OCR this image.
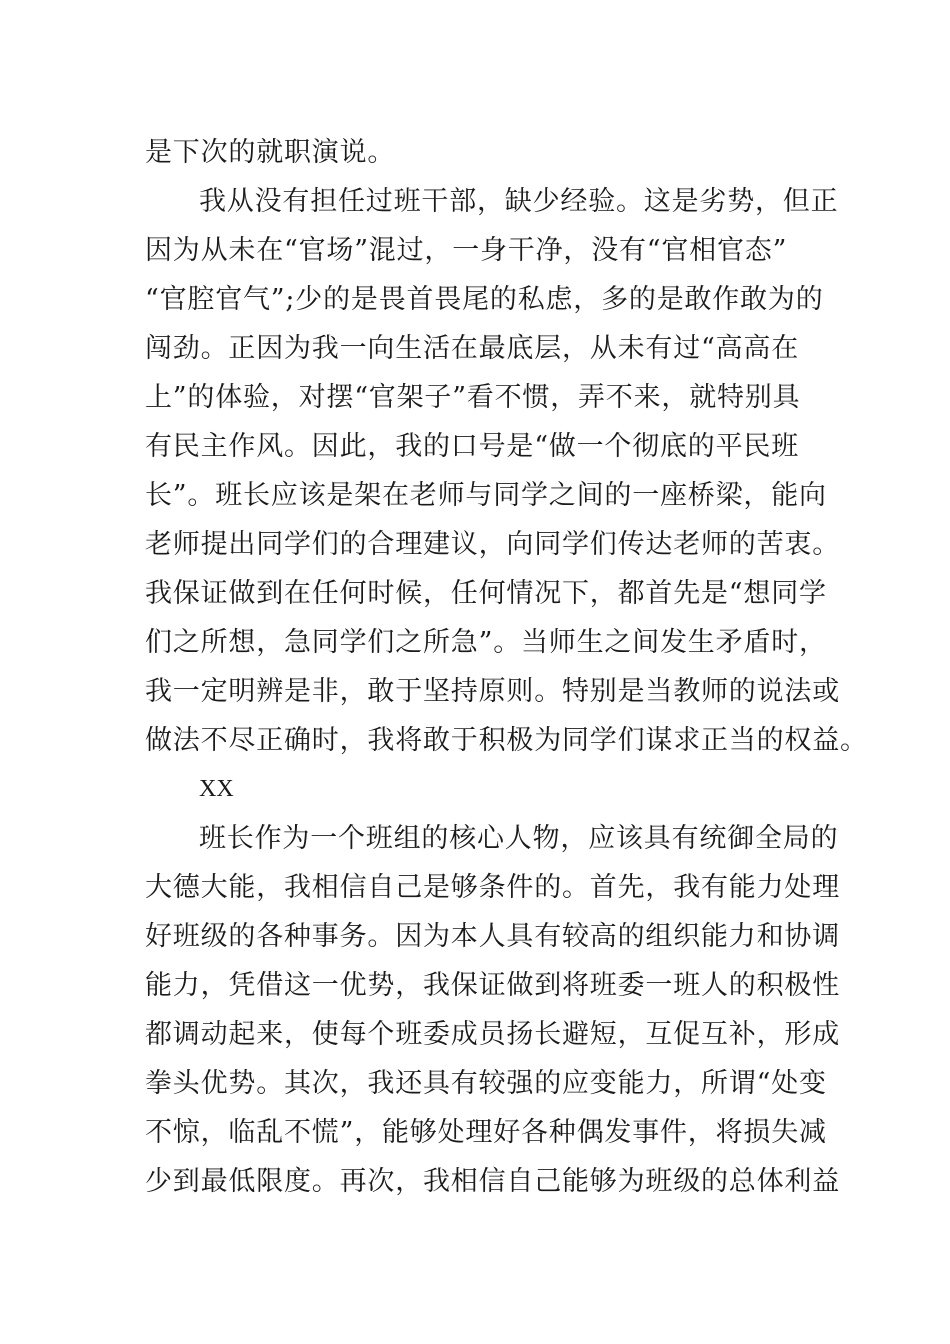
是下次的就职演说。
我从没有担任过班干部，缺少经验。这是劣势，但正
因为从未在“官场”混过，一身干净，没有“官相官态”
“官腔官气”;少的是畏首畏尾的私虑，多的是敢作敢为的
闯劲。正因为我一向生活在最底层，从未有过“高高在
上”的体验，对摆“官架子”看不惯，弄不来，就特别具
有民主作风。因此，我的口号是“做一个彻底的平民班
长”。班长应该是架在老师与同学之间的一座桥梁，能向
老师提出同学们的合理建议，向同学们传达老师的苦衷。
我保证做到在任何时候，任何情况下，都首先是“想同学
们之所想，急同学们之所急”。当师生之间发生矛盾时，
我一定明辨是非，敢于坚持原则。特别是当教师的说法或
做法不尽正确时，我将敢于积极为同学们谋求正当的权益。
XX
班长作为一个班组的核心人物，应该具有统御全局的
大德大能，我相信自己是够条件的。首先，我有能力处理
好班级的各种事务。因为本人具有较高的组织能力和协调
能力，凭借这一优势，我保证做到将班委一班人的积极性
都调动起来，使每个班委成员扬长避短，互促互补，形成
拳头优势。其次，我还具有较强的应变能力，所谓“处变
不惊，临乱不慌”，能够处理好各种偶发事件，将损失减
少到最低限度。再次，我相信自己能够为班级的总体利益
